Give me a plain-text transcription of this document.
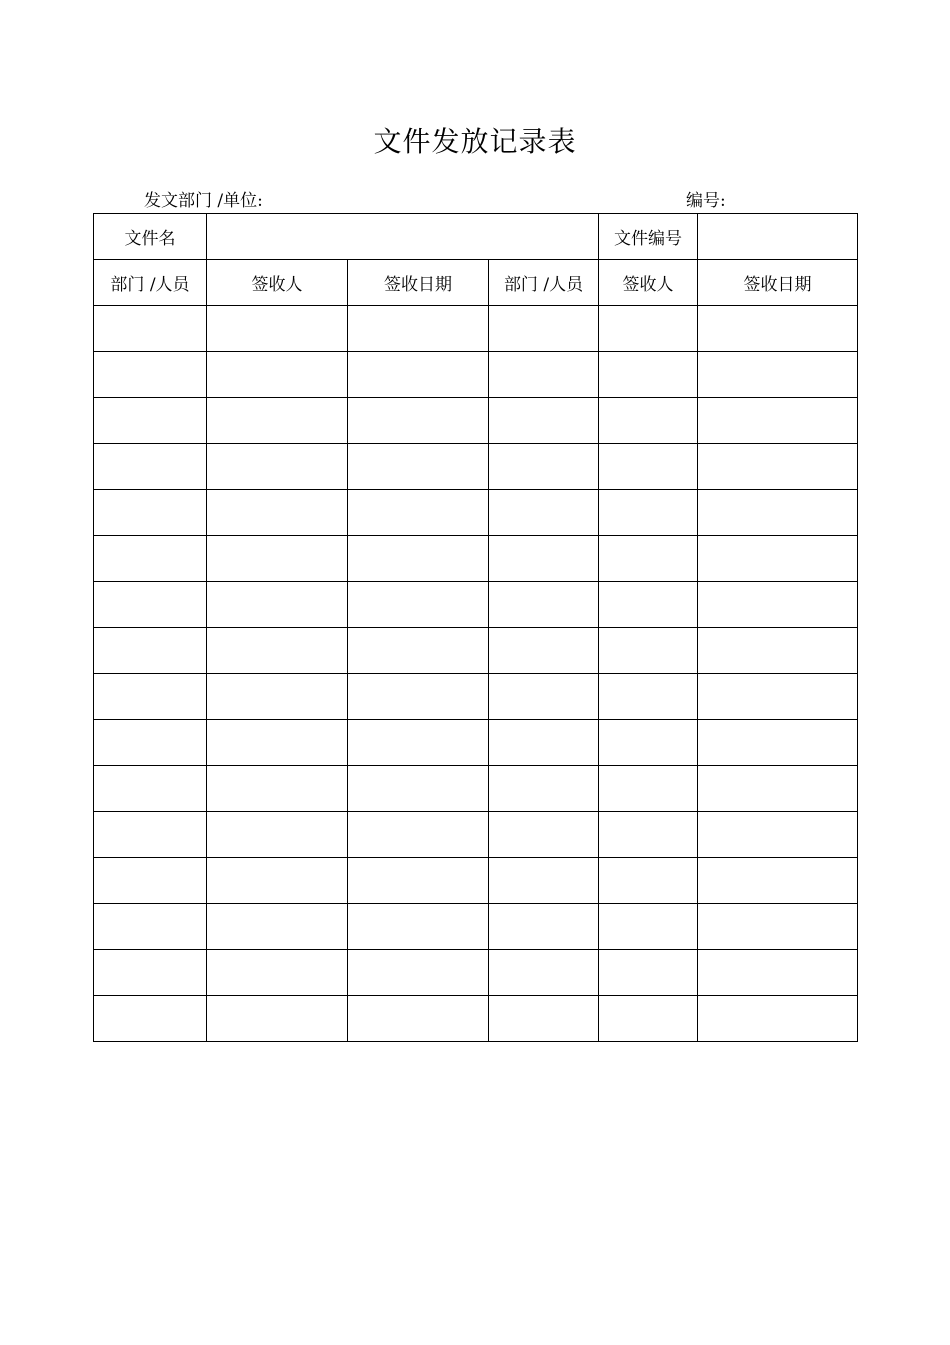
文件发放记录表
发文部门 /单位:	编号:
文件名				文件编号	
部门 /人员	签收人	签收日期	部门 /人员	签收人	签收日期
